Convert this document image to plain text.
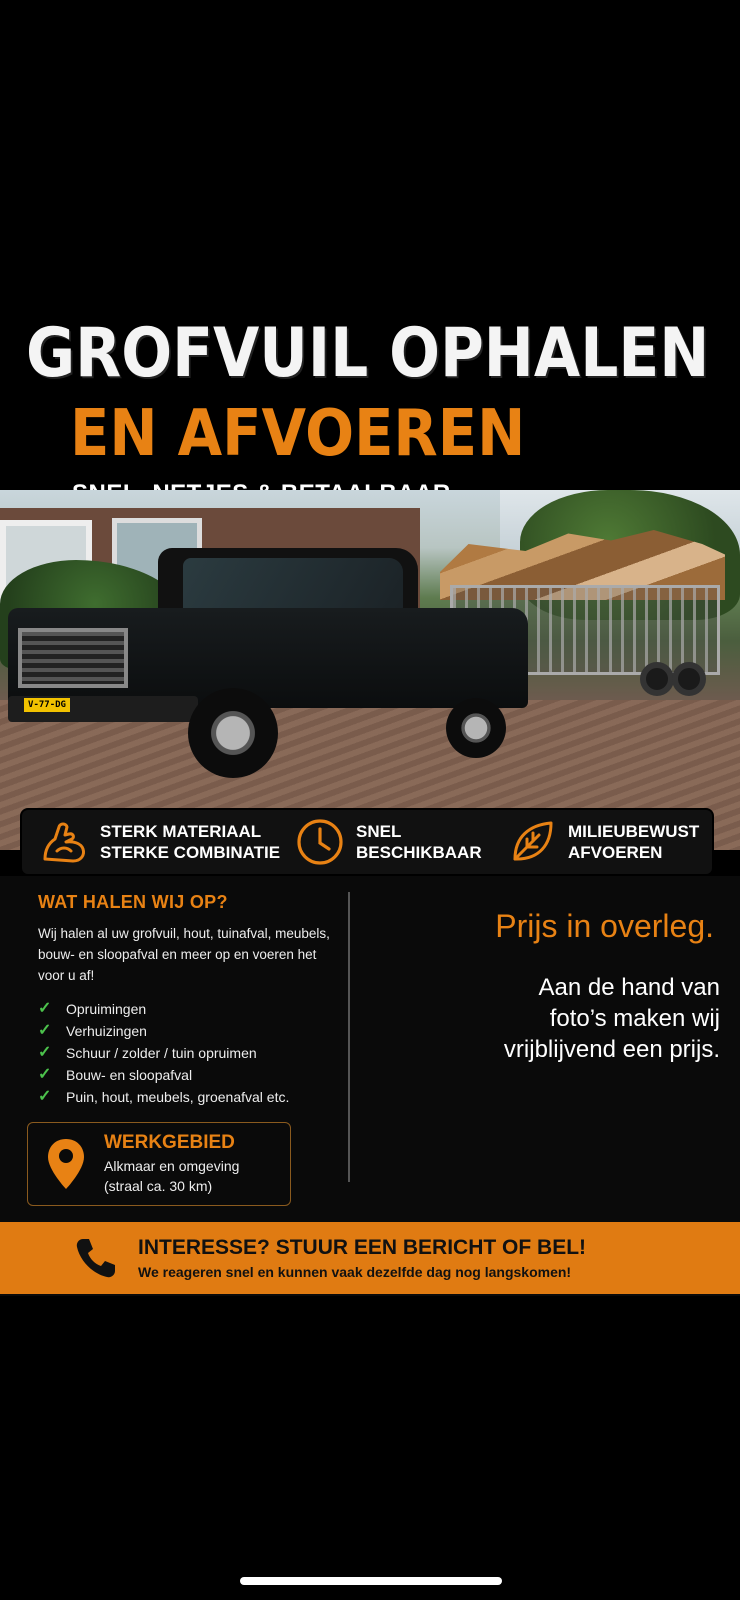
GROFVUIL OPHALEN
EN AFVOEREN
V-77-DG
STERK MATERIAAL
STERKE COMBINATIE
SNEL
BESCHIKBAAR
MILIEUBEWUST
AFVOEREN
WAT HALEN WIJ OP?
Wij halen al uw grofvuil, hout, tuinafval, meubels, bouw- en sloopafval en meer op en voeren het voor u af!
✓	Opruimingen
✓	Verhuizingen
✓	Schuur / zolder / tuin opruimen
✓	Bouw- en sloopafval
✓	Puin, hout, meubels, groenafval etc.
WERKGEBIED
Alkmaar en omgeving
(straal ca. 30 km)
Prijs in overleg.
Aan de hand van foto’s maken wij vrijblijvend een prijs.
INTERESSE? STUUR EEN BERICHT OF BEL!
We reageren snel en kunnen vaak dezelfde dag nog langskomen!
